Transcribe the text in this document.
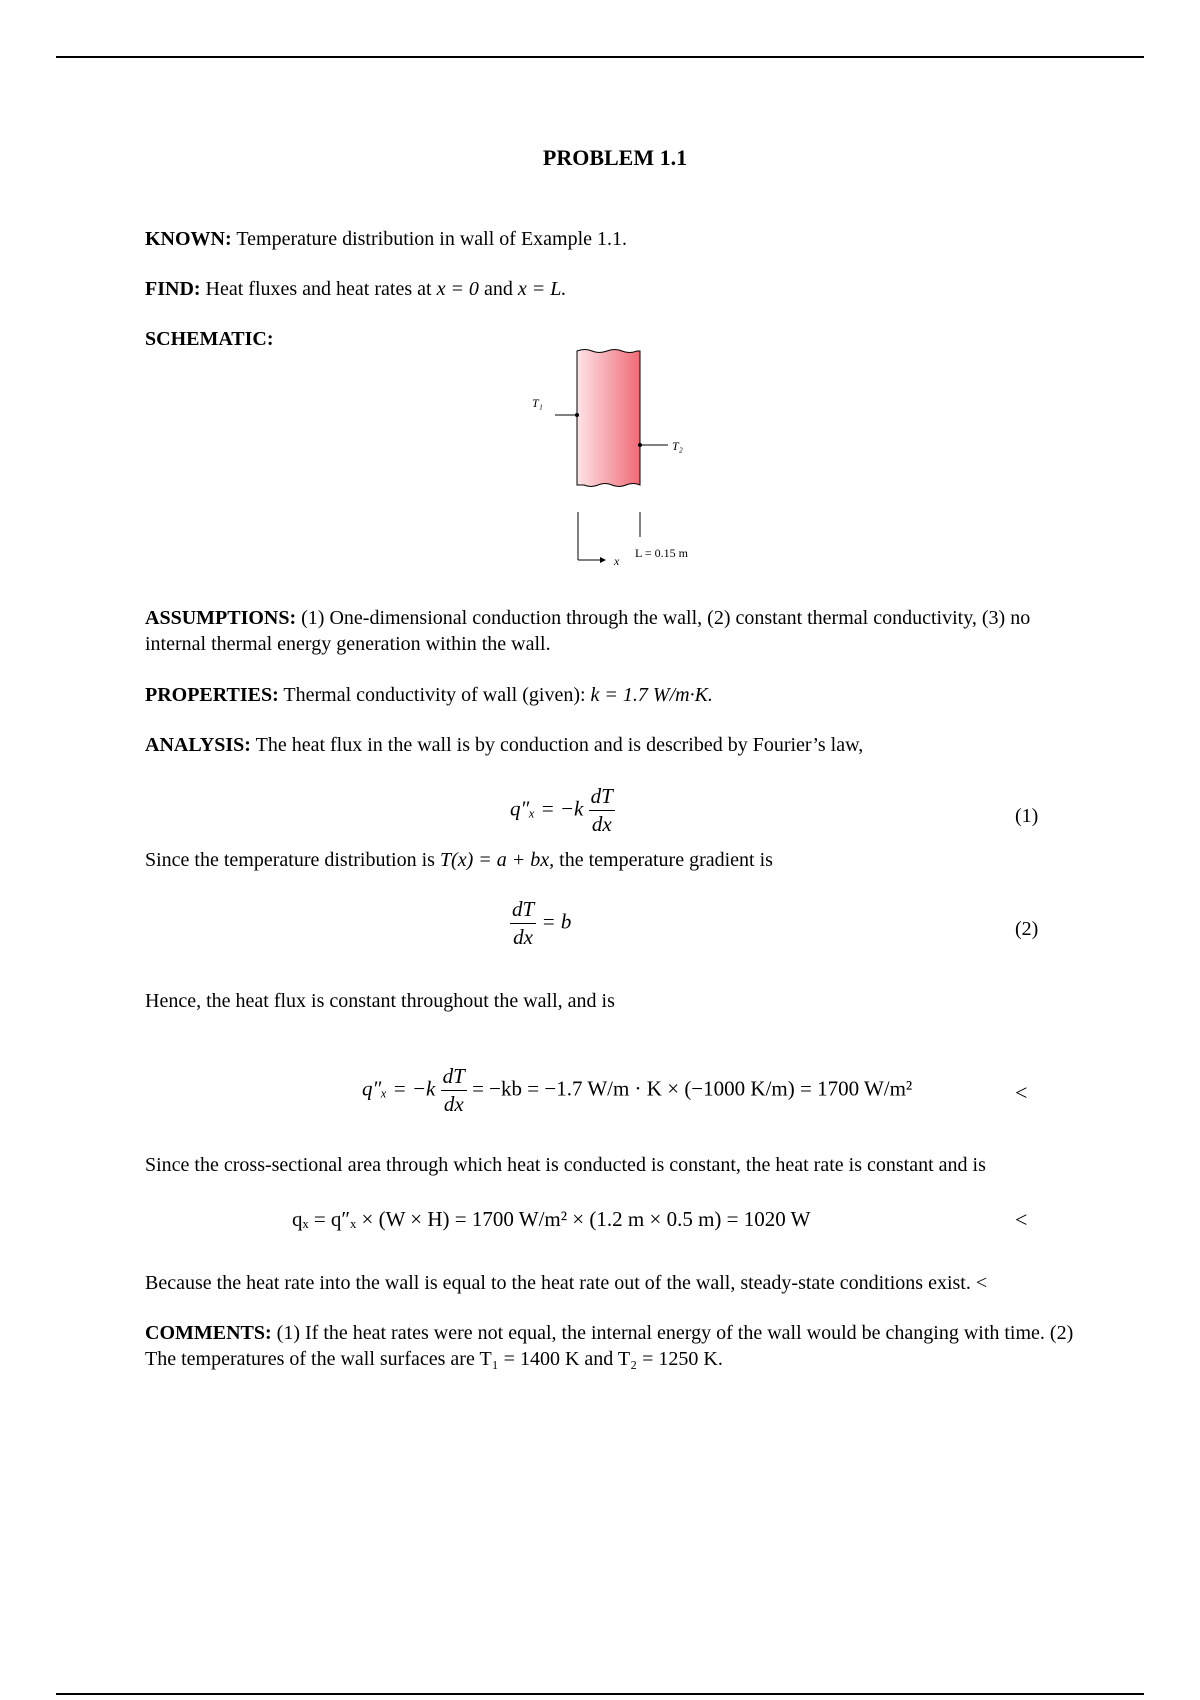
PROBLEM 1.1
KNOWN: Temperature distribution in wall of Example 1.1.
FIND: Heat fluxes and heat rates at x = 0 and x = L.
SCHEMATIC:
T₁
T₂
x
L = 0.15 m
ASSUMPTIONS: (1) One-dimensional conduction through the wall, (2) constant thermal conductivity, (3) no internal thermal energy generation within the wall.
PROPERTIES: Thermal conductivity of wall (given): k = 1.7 W/m·K.
ANALYSIS: The heat flux in the wall is by conduction and is described by Fourier’s law,
$q''_x = -k \frac{dT}{dx}$	(1)
Since the temperature distribution is T(x) = a + bx, the temperature gradient is
$\frac{dT}{dx} = b$	(2)
Hence, the heat flux is constant throughout the wall, and is
$q''_x = -k \frac{dT}{dx} = -kb = -1.7$ W/m · K × (−1000 K/m) = 1700 W/m²	<
Since the cross-sectional area through which heat is conducted is constant, the heat rate is constant and is
qₓ = q″ₓ × (W × H) = 1700 W/m² × (1.2 m × 0.5 m) = 1020 W	<
Because the heat rate into the wall is equal to the heat rate out of the wall, steady-state conditions exist. <
COMMENTS: (1) If the heat rates were not equal, the internal energy of the wall would be changing with time. (2) The temperatures of the wall surfaces are T₁ = 1400 K and T₂ = 1250 K.
